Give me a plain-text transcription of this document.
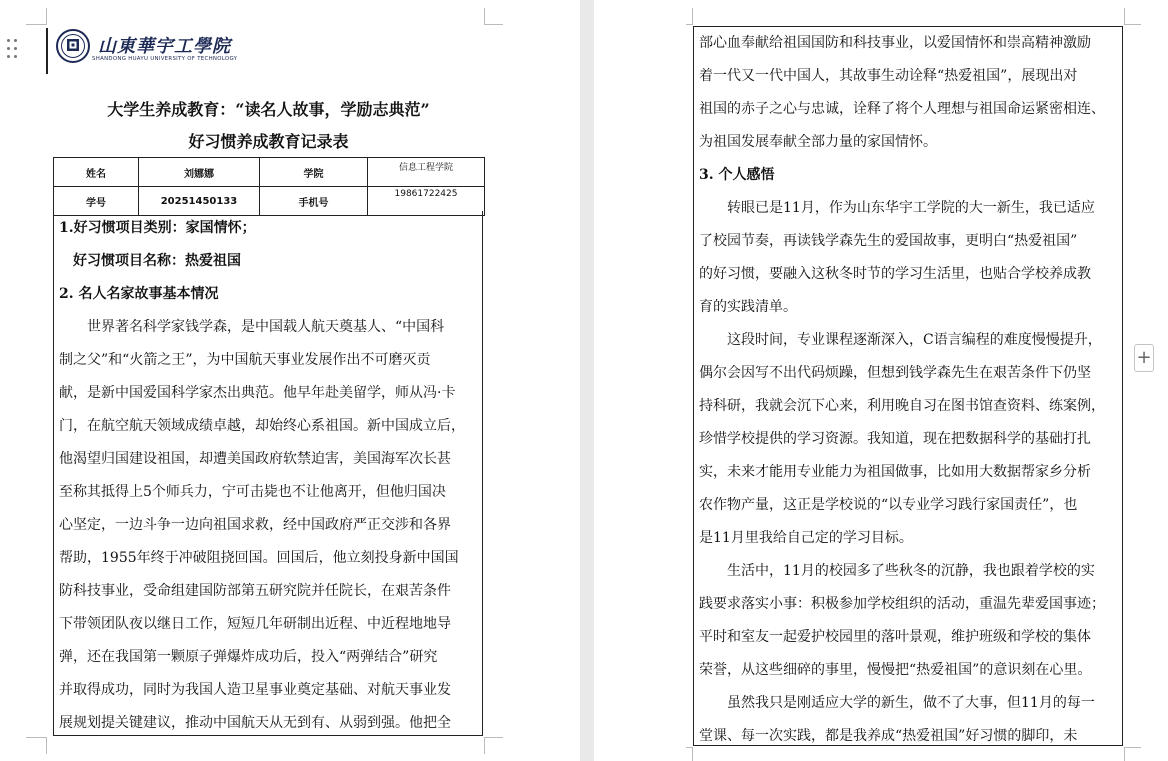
山東華宇工學院
SHANDONG HUAYU UNIVERSITY OF TECHNOLOGY
大学生养成教育：“读名人故事，学励志典范”
好习惯养成教育记录表
姓名	刘娜娜	学院	信息工程学院
学号	20251450133	手机号	19861722425
1.好习惯项目类别：家国情怀；
　好习惯项目名称：热爱祖国
2. 名人名家故事基本情况
　　世界著名科学家钱学森，是中国载人航天奠基人、“中国科
制之父”和“火箭之王”，为中国航天事业发展作出不可磨灭贡
献，是新中国爱国科学家杰出典范。他早年赴美留学，师从冯·卡
门，在航空航天领域成绩卓越，却始终心系祖国。新中国成立后，
他渴望归国建设祖国，却遭美国政府软禁迫害，美国海军次长甚
至称其抵得上5个师兵力，宁可击毙也不让他离开，但他归国决
心坚定，一边斗争一边向祖国求救，经中国政府严正交涉和各界
帮助，1955年终于冲破阻挠回国。回国后，他立刻投身新中国国
防科技事业，受命组建国防部第五研究院并任院长，在艰苦条件
下带领团队夜以继日工作，短短几年研制出近程、中近程地地导
弹，还在我国第一颗原子弹爆炸成功后，投入“两弹结合”研究
并取得成功，同时为我国人造卫星事业奠定基础、对航天事业发
展规划提关键建议，推动中国航天从无到有、从弱到强。他把全
部心血奉献给祖国国防和科技事业，以爱国情怀和崇高精神激励
着一代又一代中国人，其故事生动诠释“热爱祖国”，展现出对
祖国的赤子之心与忠诚，诠释了将个人理想与祖国命运紧密相连、
为祖国发展奉献全部力量的家国情怀。
3. 个人感悟
　　转眼已是11月，作为山东华宇工学院的大一新生，我已适应
了校园节奏，再读钱学森先生的爱国故事，更明白“热爱祖国”
的好习惯，要融入这秋冬时节的学习生活里，也贴合学校养成教
育的实践清单。
　　这段时间，专业课程逐渐深入，C语言编程的难度慢慢提升，
偶尔会因写不出代码烦躁，但想到钱学森先生在艰苦条件下仍坚
持科研，我就会沉下心来，利用晚自习在图书馆查资料、练案例，
珍惜学校提供的学习资源。我知道，现在把数据科学的基础打扎
实，未来才能用专业能力为祖国做事，比如用大数据帮家乡分析
农作物产量，这正是学校说的“以专业学习践行家国责任”，也
是11月里我给自己定的学习目标。
　　生活中，11月的校园多了些秋冬的沉静，我也跟着学校的实
践要求落实小事：积极参加学校组织的活动，重温先辈爱国事迹；
平时和室友一起爱护校园里的落叶景观，维护班级和学校的集体
荣誉，从这些细碎的事里，慢慢把“热爱祖国”的意识刻在心里。
　　虽然我只是刚适应大学的新生，做不了大事，但11月的每一
堂课、每一次实践，都是我养成“热爱祖国”好习惯的脚印，未
+
